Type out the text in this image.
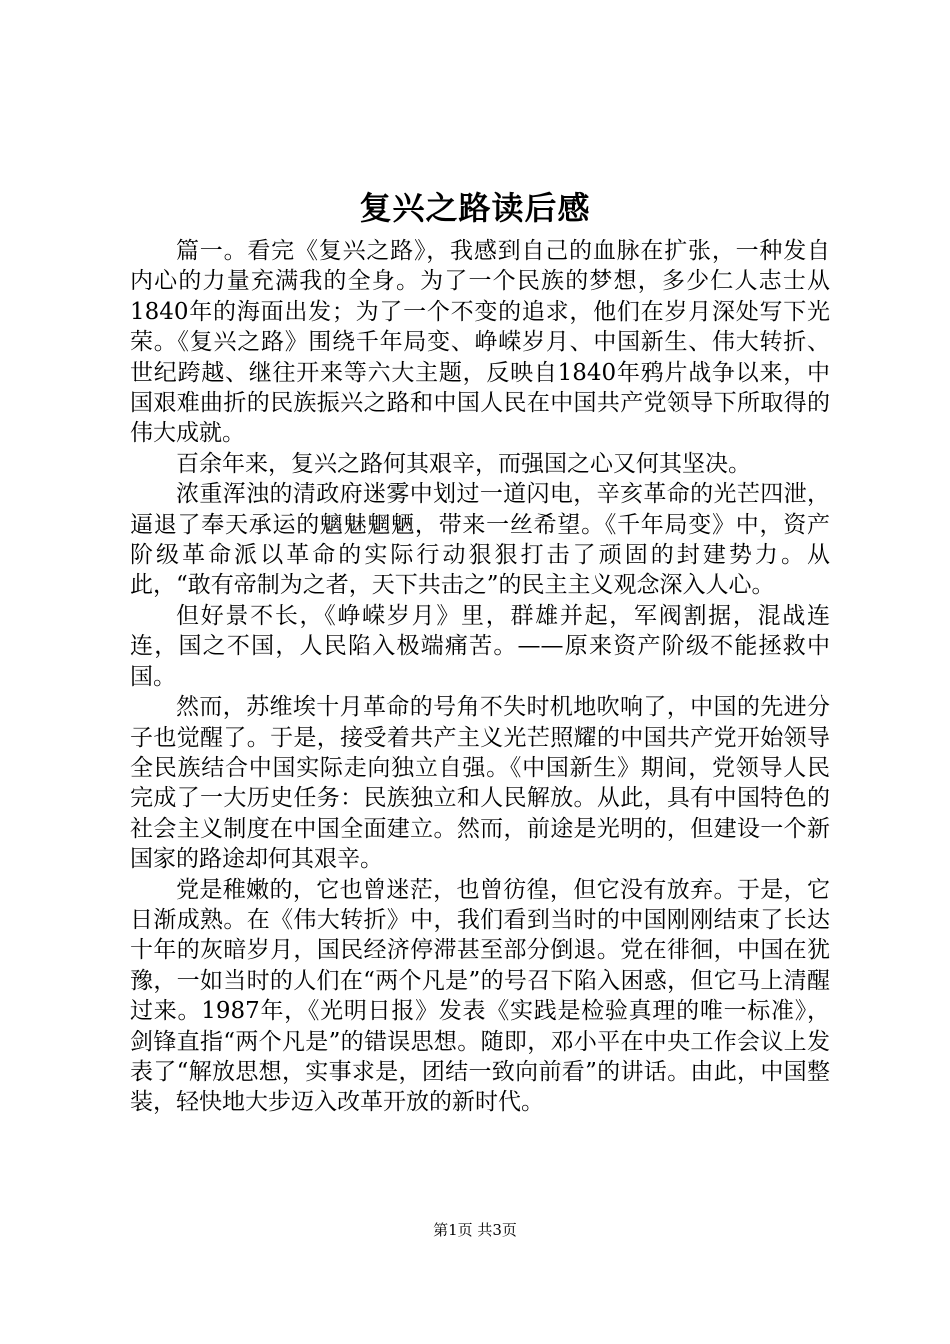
复兴之路读后感

篇一。看完《复兴之路》，我感到自己的血脉在扩张，一种发自内心的力量充满我的全身。为了一个民族的梦想，多少仁人志士从1840年的海面出发；为了一个不变的追求，他们在岁月深处写下光荣。《复兴之路》围绕千年局变、峥嵘岁月、中国新生、伟大转折、世纪跨越、继往开来等六大主题，反映自1840年鸦片战争以来，中国艰难曲折的民族振兴之路和中国人民在中国共产党领导下所取得的伟大成就。

百余年来，复兴之路何其艰辛，而强国之心又何其坚决。

浓重浑浊的清政府迷雾中划过一道闪电，辛亥革命的光芒四泄，逼退了奉天承运的魑魅魍魉，带来一丝希望。《千年局变》中，资产阶级革命派以革命的实际行动狠狠打击了顽固的封建势力。从此，“敢有帝制为之者，天下共击之”的民主主义观念深入人心。

但好景不长，《峥嵘岁月》里，群雄并起，军阀割据，混战连连，国之不国，人民陷入极端痛苦。——原来资产阶级不能拯救中国。

然而，苏维埃十月革命的号角不失时机地吹响了，中国的先进分子也觉醒了。于是，接受着共产主义光芒照耀的中国共产党开始领导全民族结合中国实际走向独立自强。《中国新生》期间，党领导人民完成了一大历史任务：民族独立和人民解放。从此，具有中国特色的社会主义制度在中国全面建立。然而，前途是光明的，但建设一个新国家的路途却何其艰辛。

党是稚嫩的，它也曾迷茫，也曾彷徨，但它没有放弃。于是，它日渐成熟。在《伟大转折》中，我们看到当时的中国刚刚结束了长达十年的灰暗岁月，国民经济停滞甚至部分倒退。党在徘徊，中国在犹豫，一如当时的人们在“两个凡是”的号召下陷入困惑，但它马上清醒过来。1987年，《光明日报》发表《实践是检验真理的唯一标准》，剑锋直指“两个凡是”的错误思想。随即，邓小平在中央工作会议上发表了“解放思想，实事求是，团结一致向前看”的讲话。由此，中国整装，轻快地大步迈入改革开放的新时代。

第1页 共3页
